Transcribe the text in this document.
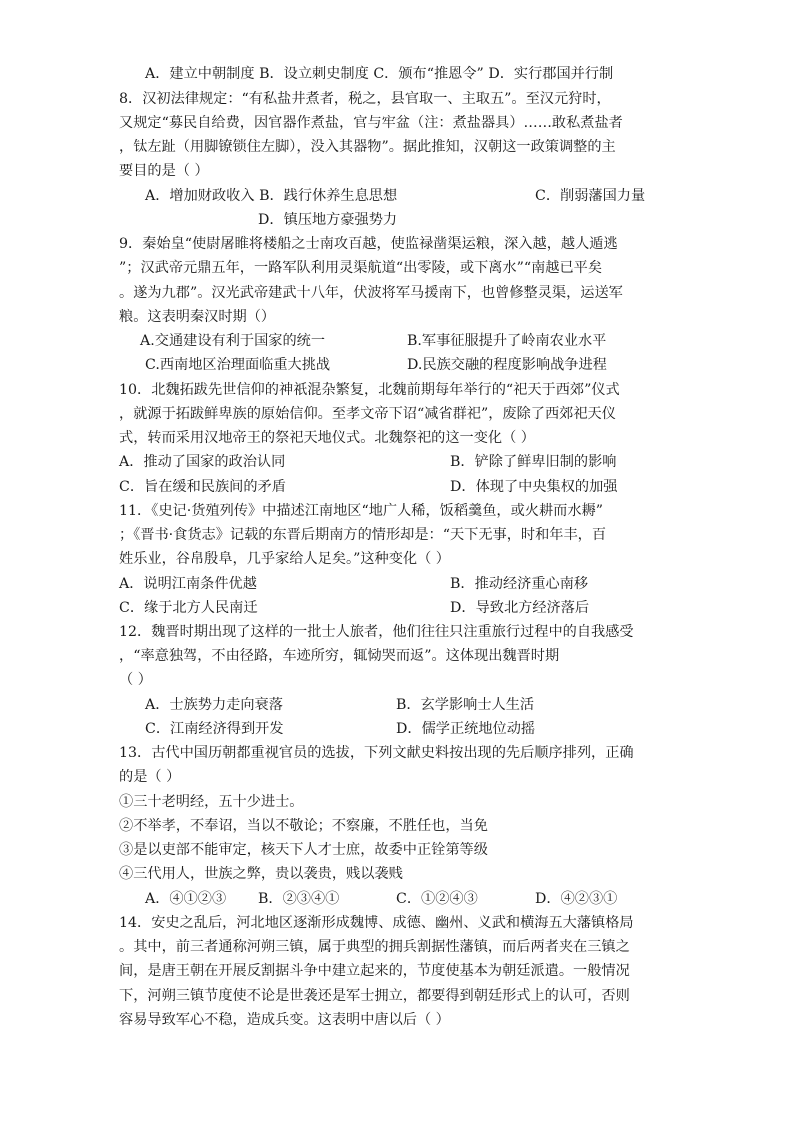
A．建立中朝制度 B．设立刺史制度 C．颁布“推恩令” D．实行郡国并行制
8．汉初法律规定：“有私盐井煮者，税之，县官取一、主取五”。至汉元狩时，
又规定“募民自给费，因官器作煮盐，官与牢盆（注：煮盐器具）……敢私煮盐者
，钛左趾（用脚镣锁住左脚），没入其器物”。据此推知，汉朝这一政策调整的主
要目的是（ ）
A．增加财政收入 B．践行休养生息思想	C．削弱藩国力量
D．镇压地方豪强势力
9．秦始皇“使尉屠睢将楼船之士南攻百越，使监禄凿渠运粮，深入越，越人遁逃
”；汉武帝元鼎五年，一路军队利用灵渠航道“出零陵，或下离水”“南越已平矣
。遂为九郡”。汉光武帝建武十八年，伏波将军马援南下，也曾修整灵渠，运送军
粮。这表明秦汉时期（）
A.交通建设有利于国家的统一	B.军事征服提升了岭南农业水平
C.西南地区治理面临重大挑战	D.民族交融的程度影响战争进程
10．北魏拓跋先世信仰的神祇混杂繁复，北魏前期每年举行的“祀天于西郊”仪式
，就源于拓跋鲜卑族的原始信仰。至孝文帝下诏“减省群祀”，废除了西郊祀天仪
式，转而采用汉地帝王的祭祀天地仪式。北魏祭祀的这一变化（ ）
A．推动了国家的政治认同	B．铲除了鲜卑旧制的影响
C．旨在缓和民族间的矛盾	D．体现了中央集权的加强
11．《史记·货殖列传》中描述江南地区“地广人稀，饭稻羹鱼，或火耕而水耨”
；《晋书·食货志》记载的东晋后期南方的情形却是：“天下无事，时和年丰，百
姓乐业，谷帛殷阜，几乎家给人足矣。”这种变化（ ）
A．说明江南条件优越	B．推动经济重心南移
C．缘于北方人民南迁	D．导致北方经济落后
12．魏晋时期出现了这样的一批士人旅者，他们往往只注重旅行过程中的自我感受
，“率意独驾，不由径路，车迹所穷，辄恸哭而返”。这体现出魏晋时期
（ ）
A．士族势力走向衰落	B．玄学影响士人生活
C．江南经济得到开发	D．儒学正统地位动摇
13．古代中国历朝都重视官员的选拔，下列文献史料按出现的先后顺序排列，正确
的是（ ）
①三十老明经，五十少进士。
②不举孝，不奉诏，当以不敬论；不察廉，不胜任也，当免
③是以吏部不能审定，核天下人才士庶，故委中正铨第等级
④三代用人，世族之弊，贵以袭贵，贱以袭贱
A．④①②③ B．②③④①	C．①②④③	D．④②③①
14．安史之乱后，河北地区逐渐形成魏博、成德、幽州、义武和横海五大藩镇格局
。其中，前三者通称河朔三镇，属于典型的拥兵割据性藩镇，而后两者夹在三镇之
间，是唐王朝在开展反割据斗争中建立起来的，节度使基本为朝廷派遣。一般情况
下，河朔三镇节度使不论是世袭还是军士拥立，都要得到朝廷形式上的认可，否则
容易导致军心不稳，造成兵变。这表明中唐以后（ ）
